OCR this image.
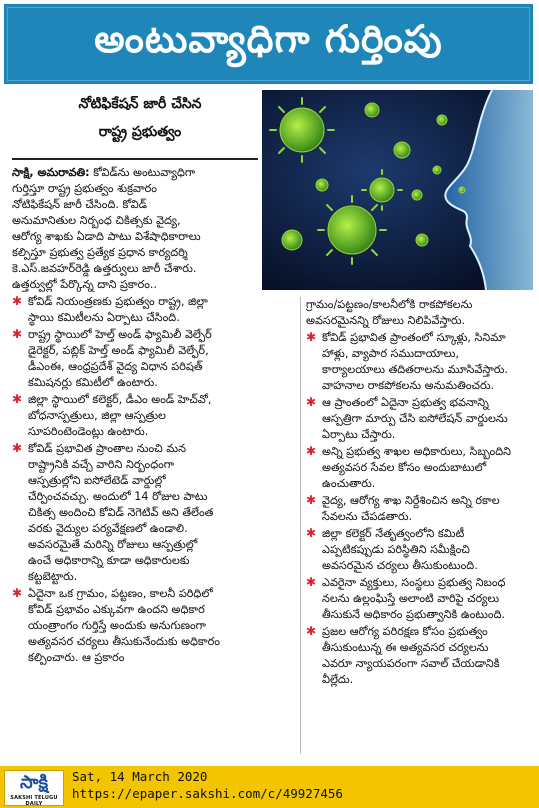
అంటువ్యాధిగా గుర్తింపు
నోటిఫికేషన్ జారీ చేసిన
రాష్ట్ర ప్రభుత్వం
సాక్షి, అమరావతి: కోవిడ్‌ను అంటువ్యాధిగా
గుర్తిస్తూ రాష్ట్ర ప్రభుత్వం శుక్రవారం
నోటిఫికేషన్ జారీ చేసింది. కోవిడ్
అనుమానితుల నిర్బంధ చికిత్సకు వైద్య,
ఆరోగ్య శాఖకు ఏడాది పాటు విశేషాధికారాలు
కల్పిస్తూ ప్రభుత్వ ప్రత్యేక ప్రధాన కార్యదర్శి
కె.ఎస్.జవహర్‌రెడ్డి ఉత్తర్వులు జారీ చేశారు.
ఉత్తర్వుల్లో పేర్కొన్న దాని ప్రకారం..
✱ కోవిడ్ నియంత్రణకు ప్రభుత్వం రాష్ట్ర, జిల్లా
స్థాయి కమిటీలను ఏర్పాటు చేసింది.
✱ రాష్ట్ర స్థాయిలో హెల్త్ అండ్ ఫ్యామిలీ వెల్ఫేర్
డైరెక్టర్, పబ్లిక్ హెల్త్ అండ్ ఫ్యామిలీ వెల్ఫేర్,
డీఎంఈ, ఆంధ్రప్రదేశ్ వైద్య విధాన పరిషత్
కమిషనర్లు కమిటీలో ఉంటారు.
✱ జిల్లా స్థాయిలో కలెక్టర్, డీఎం అండ్ హెచ్‌వో,
బోధనాస్పత్రులు, జిల్లా ఆస్పత్రుల
సూపరింటెండెంట్లు ఉంటారు.
✱ కోవిడ్ ప్రభావిత ప్రాంతాల నుంచి మన
రాష్ట్రానికి వచ్చే వారిని నిర్బంధంగా
ఆస్పత్రుల్లోని ఐసోలేటెడ్ వార్డుల్లో
చేర్పించవచ్చు. అందులో 14 రోజుల పాటు
చికిత్స అందించి కోవిడ్ నెగెటివ్ అని తేలేంత
వరకు వైద్యుల పర్యవేక్షణలో ఉండాలి.
అవసరమైతే మరిన్ని రోజులు ఆస్పత్రుల్లో
ఉంచే అధికారాన్ని కూడా అధికారులకు
కట్టబెట్టారు.
✱ ఏదైనా ఒక గ్రామం, పట్టణం, కాలనీ పరిధిలో
కోవిడ్ ప్రభావం ఎక్కువగా ఉందని అధికార
యంత్రాంగం గుర్తిస్తే అందుకు అనుగుణంగా
అత్యవసర చర్యలు తీసుకునేందుకు అధికారం
కల్పించారు. ఆ ప్రకారం
గ్రామం/పట్టణం/కాలనీలోకి రాకపోకలను
అవసరమైనన్ని రోజులు నిలిపివేస్తారు.
✱ కోవిడ్ ప్రభావిత ప్రాంతంలో స్కూళ్లు, సినిమా
హాళ్లు, వ్యాపార సముదాయాలు,
కార్యాలయాలు తదితరాలను మూసివేస్తారు.
వాహనాల రాకపోకలను అనుమతించరు.
✱ ఆ ప్రాంతంలో ఏదైనా ప్రభుత్వ భవనాన్ని
ఆస్పత్రిగా మార్పు చేసి ఐసోలేషన్ వార్డులను
ఏర్పాటు చేస్తారు.
✱ అన్ని ప్రభుత్వ శాఖల అధికారులు, సిబ్బందిని
అత్యవసర సేవల కోసం అందుబాటులో
ఉంచుతారు.
✱ వైద్య, ఆరోగ్య శాఖ నిర్దేశించిన అన్ని రకాల
సేవలను చేపడతారు.
✱ జిల్లా కలెక్టర్ నేతృత్వంలోని కమిటీ
ఎప్పటికప్పుడు పరిస్థితిని సమీక్షించి
అవసరమైన చర్యలు తీసుకుంటుంది.
✱ ఎవరైనా వ్యక్తులు, సంస్థలు ప్రభుత్వ నిబంధ
నలను ఉల్లంఘిస్తే అలాంటి వారిపై చర్యలు
తీసుకునే అధికారం ప్రభుత్వానికి ఉంటుంది.
✱ ప్రజల ఆరోగ్య పరిరక్షణ కోసం ప్రభుత్వం
తీసుకుంటున్న ఈ అత్యవసర చర్యలను
ఎవరూ న్యాయపరంగా సవాల్ చేయడానికి
వీల్లేదు.
సాక్షి
SAKSHI TELUGU DAILY
Sat, 14 March 2020
https://epaper.sakshi.com/c/49927456
